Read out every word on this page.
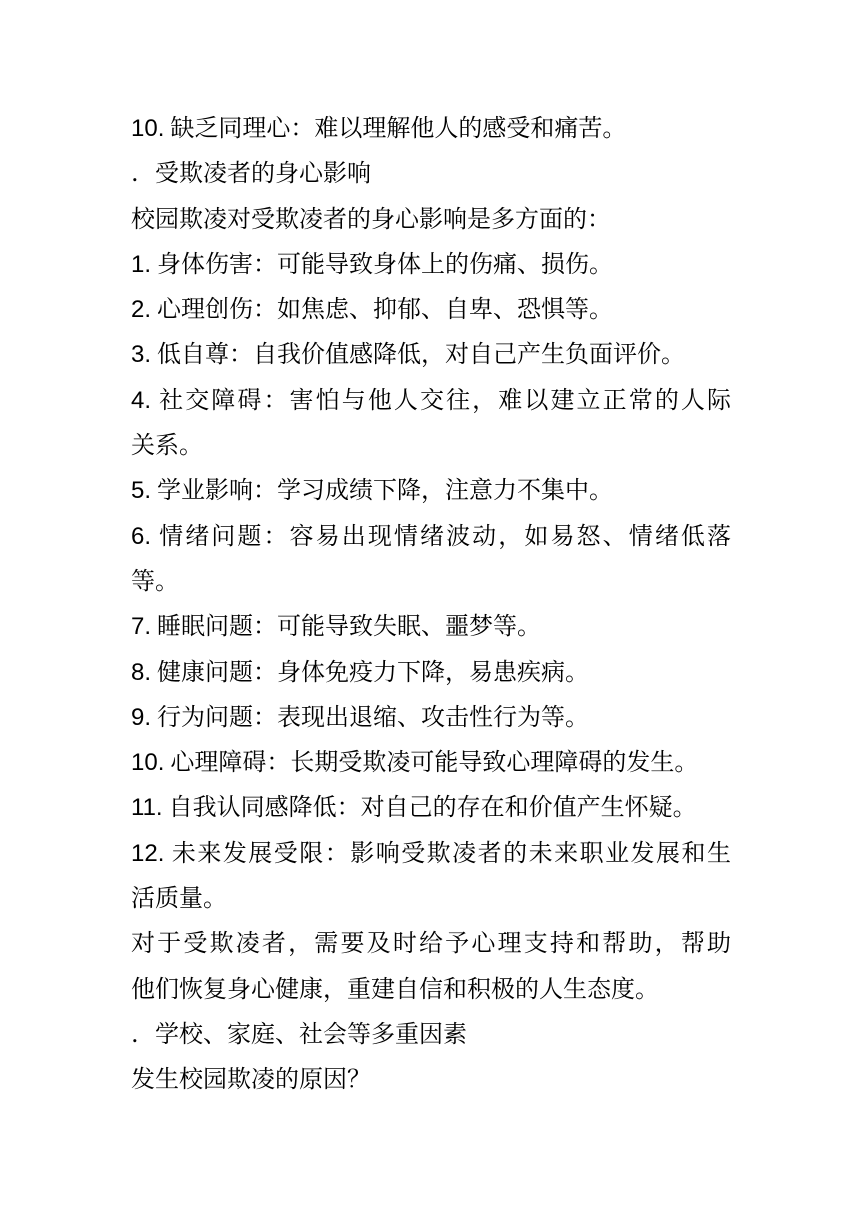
10. 缺乏同理心：难以理解他人的感受和痛苦。
. 受欺凌者的身心影响
校园欺凌对受欺凌者的身心影响是多方面的：
1. 身体伤害：可能导致身体上的伤痛、损伤。
2. 心理创伤：如焦虑、抑郁、自卑、恐惧等。
3. 低自尊：自我价值感降低，对自己产生负面评价。
4. 社交障碍：害怕与他人交往，难以建立正常的人际
关系。
5. 学业影响：学习成绩下降，注意力不集中。
6. 情绪问题：容易出现情绪波动，如易怒、情绪低落
等。
7. 睡眠问题：可能导致失眠、噩梦等。
8. 健康问题：身体免疫力下降，易患疾病。
9. 行为问题：表现出退缩、攻击性行为等。
10. 心理障碍：长期受欺凌可能导致心理障碍的发生。
11. 自我认同感降低：对自己的存在和价值产生怀疑。
12. 未来发展受限：影响受欺凌者的未来职业发展和生
活质量。
对于受欺凌者，需要及时给予心理支持和帮助，帮助
他们恢复身心健康，重建自信和积极的人生态度。
. 学校、家庭、社会等多重因素
发生校园欺凌的原因？
